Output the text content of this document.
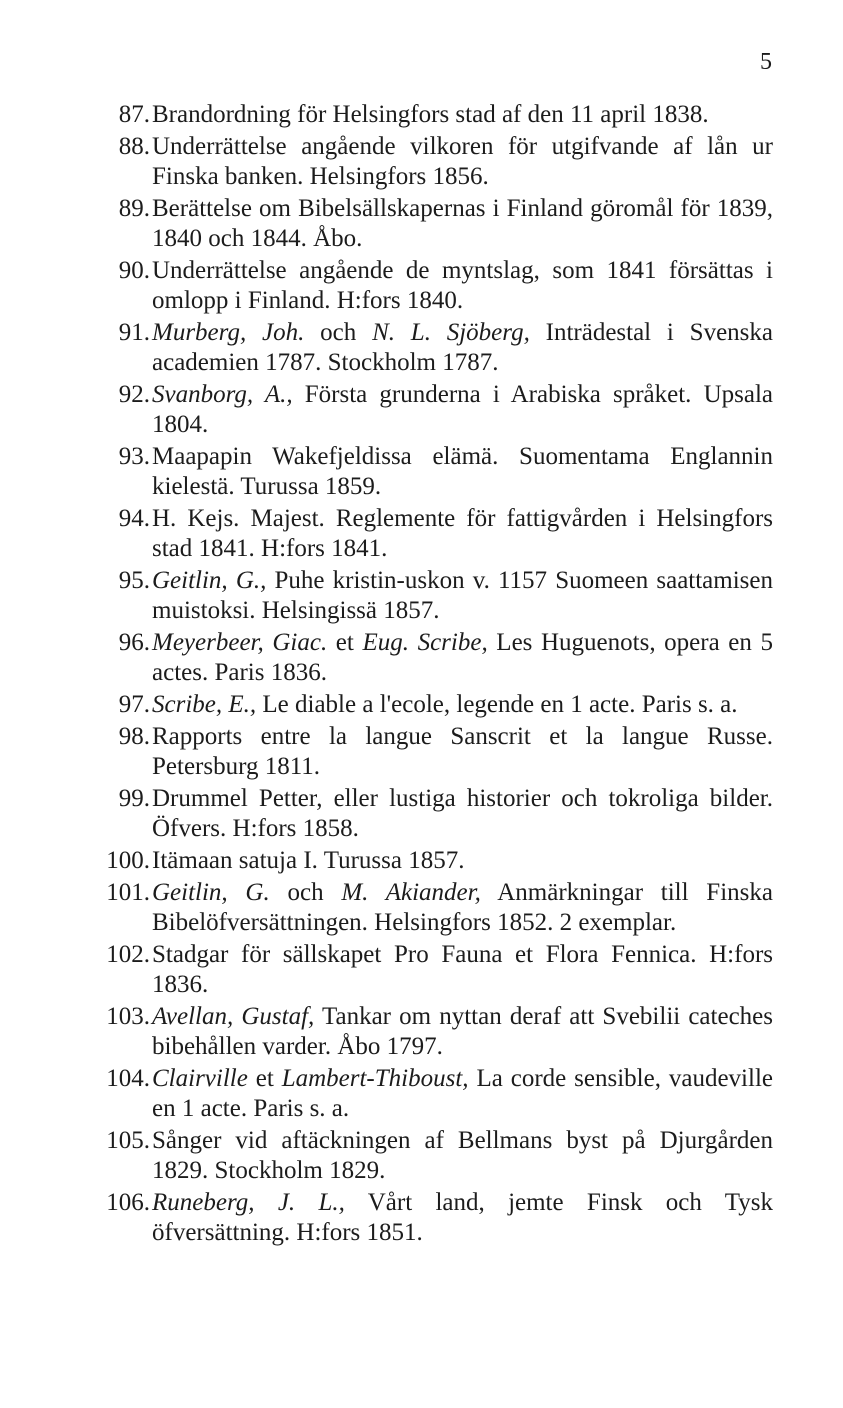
5
87 . Brandordning för Helsingfors stad af den 11 april 1838.
88 . Underrättelse angående vilkoren för utgifvande af lån ur Finska banken. Helsingfors 1856.
89 . Berättelse om Bibelsällskapernas i Finland göromål för 1839, 1840 och 1844. Åbo.
90 . Underrättelse angående de myntslag, som 1841 försättas i omlopp i Finland. H:fors 1840.
91 . Murberg, Joh. och N. L. Sjöberg, Inträdestal i Svenska academien 1787. Stockholm 1787.
92 . Svanborg, A., Första grunderna i Arabiska språket. Upsala 1804.
93 . Maapapin Wakefjeldissa elämä. Suomentama Englannin kielestä. Turussa 1859.
94 . H. Kejs. Majest. Reglemente för fattigvården i Helsingfors stad 1841. H:fors 1841.
95 . Geitlin, G., Puhe kristin-uskon v. 1157 Suomeen saattamisen muistoksi. Helsingissä 1857.
96 . Meyerbeer, Giac. et Eug. Scribe, Les Huguenots, opera en 5 actes. Paris 1836.
97 . Scribe, E., Le diable a l'ecole, legende en 1 acte. Paris s. a.
98 . Rapports entre la langue Sanscrit et la langue Russe. Petersburg 1811.
99 . Drummel Petter, eller lustiga historier och tokroliga bilder. Öfvers. H:fors 1858.
100 . Itämaan satuja I. Turussa 1857.
101 . Geitlin, G. och M. Akiander, Anmärkningar till Finska Bibelöfversättningen. Helsingfors 1852. 2 exemplar.
102 . Stadgar för sällskapet Pro Fauna et Flora Fennica. H:fors 1836.
103 . Avellan, Gustaf, Tankar om nyttan deraf att Svebilii cateches bibehållen varder. Åbo 1797.
104 . Clairville et Lambert-Thiboust, La corde sensible, vaudeville en 1 acte. Paris s. a.
105 . Sånger vid aftäckningen af Bellmans byst på Djurgården 1829. Stockholm 1829.
106 . Runeberg, J. L., Vårt land, jemte Finsk och Tysk öfversättning. H:fors 1851.
